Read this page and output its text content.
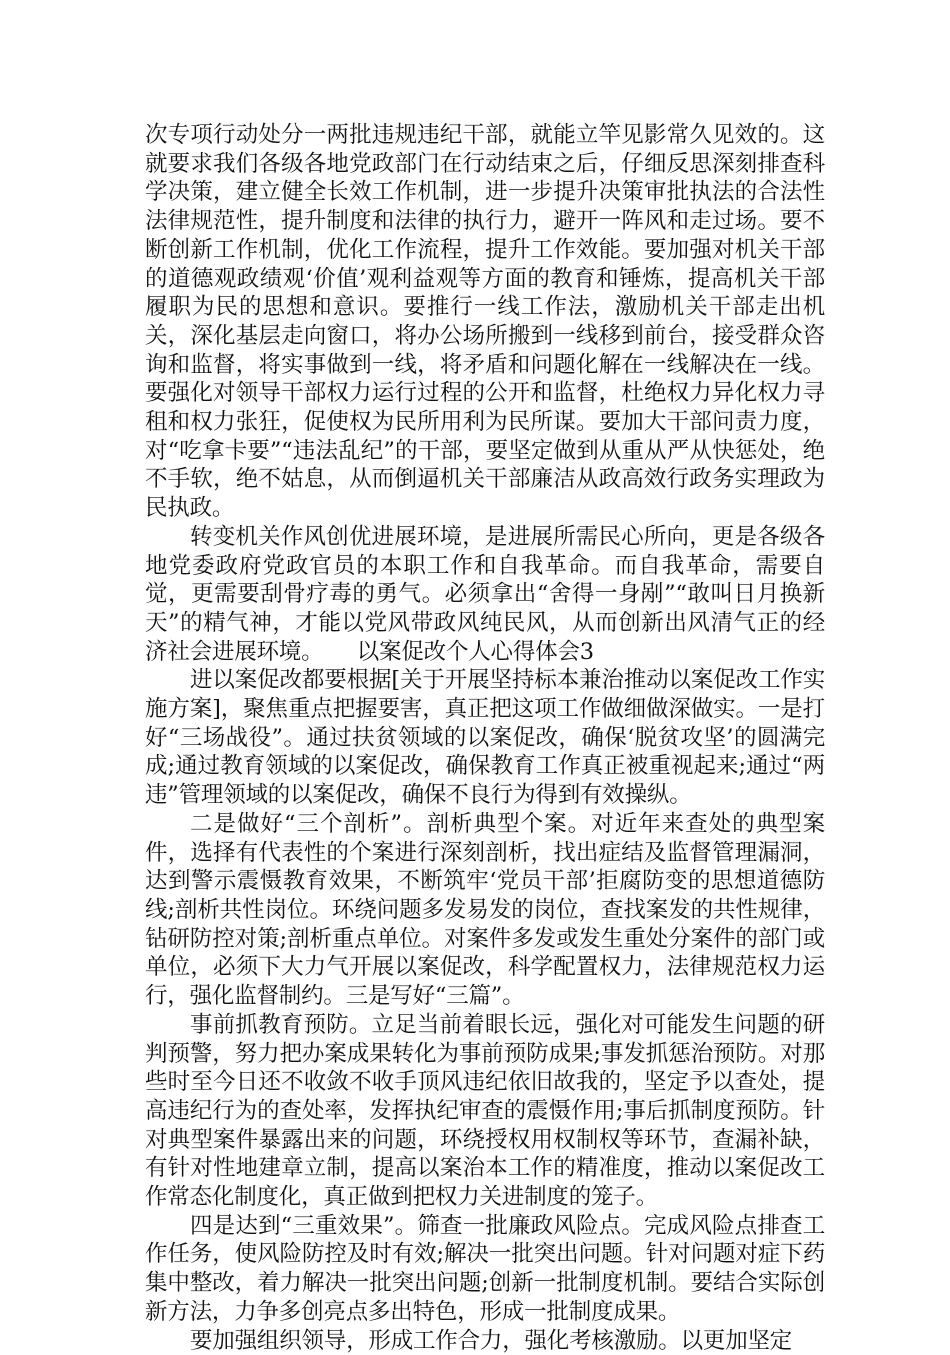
次专项行动处分一两批违规违纪干部，就能立竿见影常久见效的。这就要求我们各级各地党政部门在行动结束之后，仔细反思深刻排查科学决策，建立健全长效工作机制，进一步提升决策审批执法的合法性法律规范性，提升制度和法律的执行力，避开一阵风和走过场。要不断创新工作机制，优化工作流程，提升工作效能。要加强对机关干部的道德观政绩观‘价值’观利益观等方面的教育和锤炼，提高机关干部履职为民的思想和意识。要推行一线工作法，激励机关干部走出机关，深化基层走向窗口，将办公场所搬到一线移到前台，接受群众咨询和监督，将实事做到一线，将矛盾和问题化解在一线解决在一线。要强化对领导干部权力运行过程的公开和监督，杜绝权力异化权力寻租和权力张狂，促使权为民所用利为民所谋。要加大干部问责力度，对“吃拿卡要”“违法乱纪”的干部，要坚定做到从重从严从快惩处，绝不手软，绝不姑息，从而倒逼机关干部廉洁从政高效行政务实理政为民执政。

转变机关作风创优进展环境，是进展所需民心所向，更是各级各地党委政府党政官员的本职工作和自我革命。而自我革命，需要自觉，更需要刮骨疗毒的勇气。必须拿出“舍得一身剐”“敢叫日月换新天”的精气神，才能以党风带政风纯民风，从而创新出风清气正的经济社会进展环境。　　以案促改个人心得体会3

进以案促改都要根据[关于开展坚持标本兼治推动以案促改工作实施方案]，聚焦重点把握要害，真正把这项工作做细做深做实。一是打好“三场战役”。通过扶贫领域的以案促改，确保‘脱贫攻坚’的圆满完成;通过教育领域的以案促改，确保教育工作真正被重视起来;通过“两违”管理领域的以案促改，确保不良行为得到有效操纵。

二是做好“三个剖析”。剖析典型个案。对近年来查处的典型案件，选择有代表性的个案进行深刻剖析，找出症结及监督管理漏洞，达到警示震慑教育效果，不断筑牢‘党员干部’拒腐防变的思想道德防线;剖析共性岗位。环绕问题多发易发的岗位，查找案发的共性规律，钻研防控对策;剖析重点单位。对案件多发或发生重处分案件的部门或单位，必须下大力气开展以案促改，科学配置权力，法律规范权力运行，强化监督制约。三是写好“三篇”。

事前抓教育预防。立足当前着眼长远，强化对可能发生问题的研判预警，努力把办案成果转化为事前预防成果;事发抓惩治预防。对那些时至今日还不收敛不收手顶风违纪依旧故我的，坚定予以查处，提高违纪行为的查处率，发挥执纪审查的震慑作用;事后抓制度预防。针对典型案件暴露出来的问题，环绕授权用权制权等环节，查漏补缺，有针对性地建章立制，提高以案治本工作的精准度，推动以案促改工作常态化制度化，真正做到把权力关进制度的笼子。

四是达到“三重效果”。筛查一批廉政风险点。完成风险点排查工作任务，使风险防控及时有效;解决一批突出问题。针对问题对症下药集中整改，着力解决一批突出问题;创新一批制度机制。要结合实际创新方法，力争多创亮点多出特色，形成一批制度成果。

要加强组织领导，形成工作合力，强化考核激励。以更加坚定
